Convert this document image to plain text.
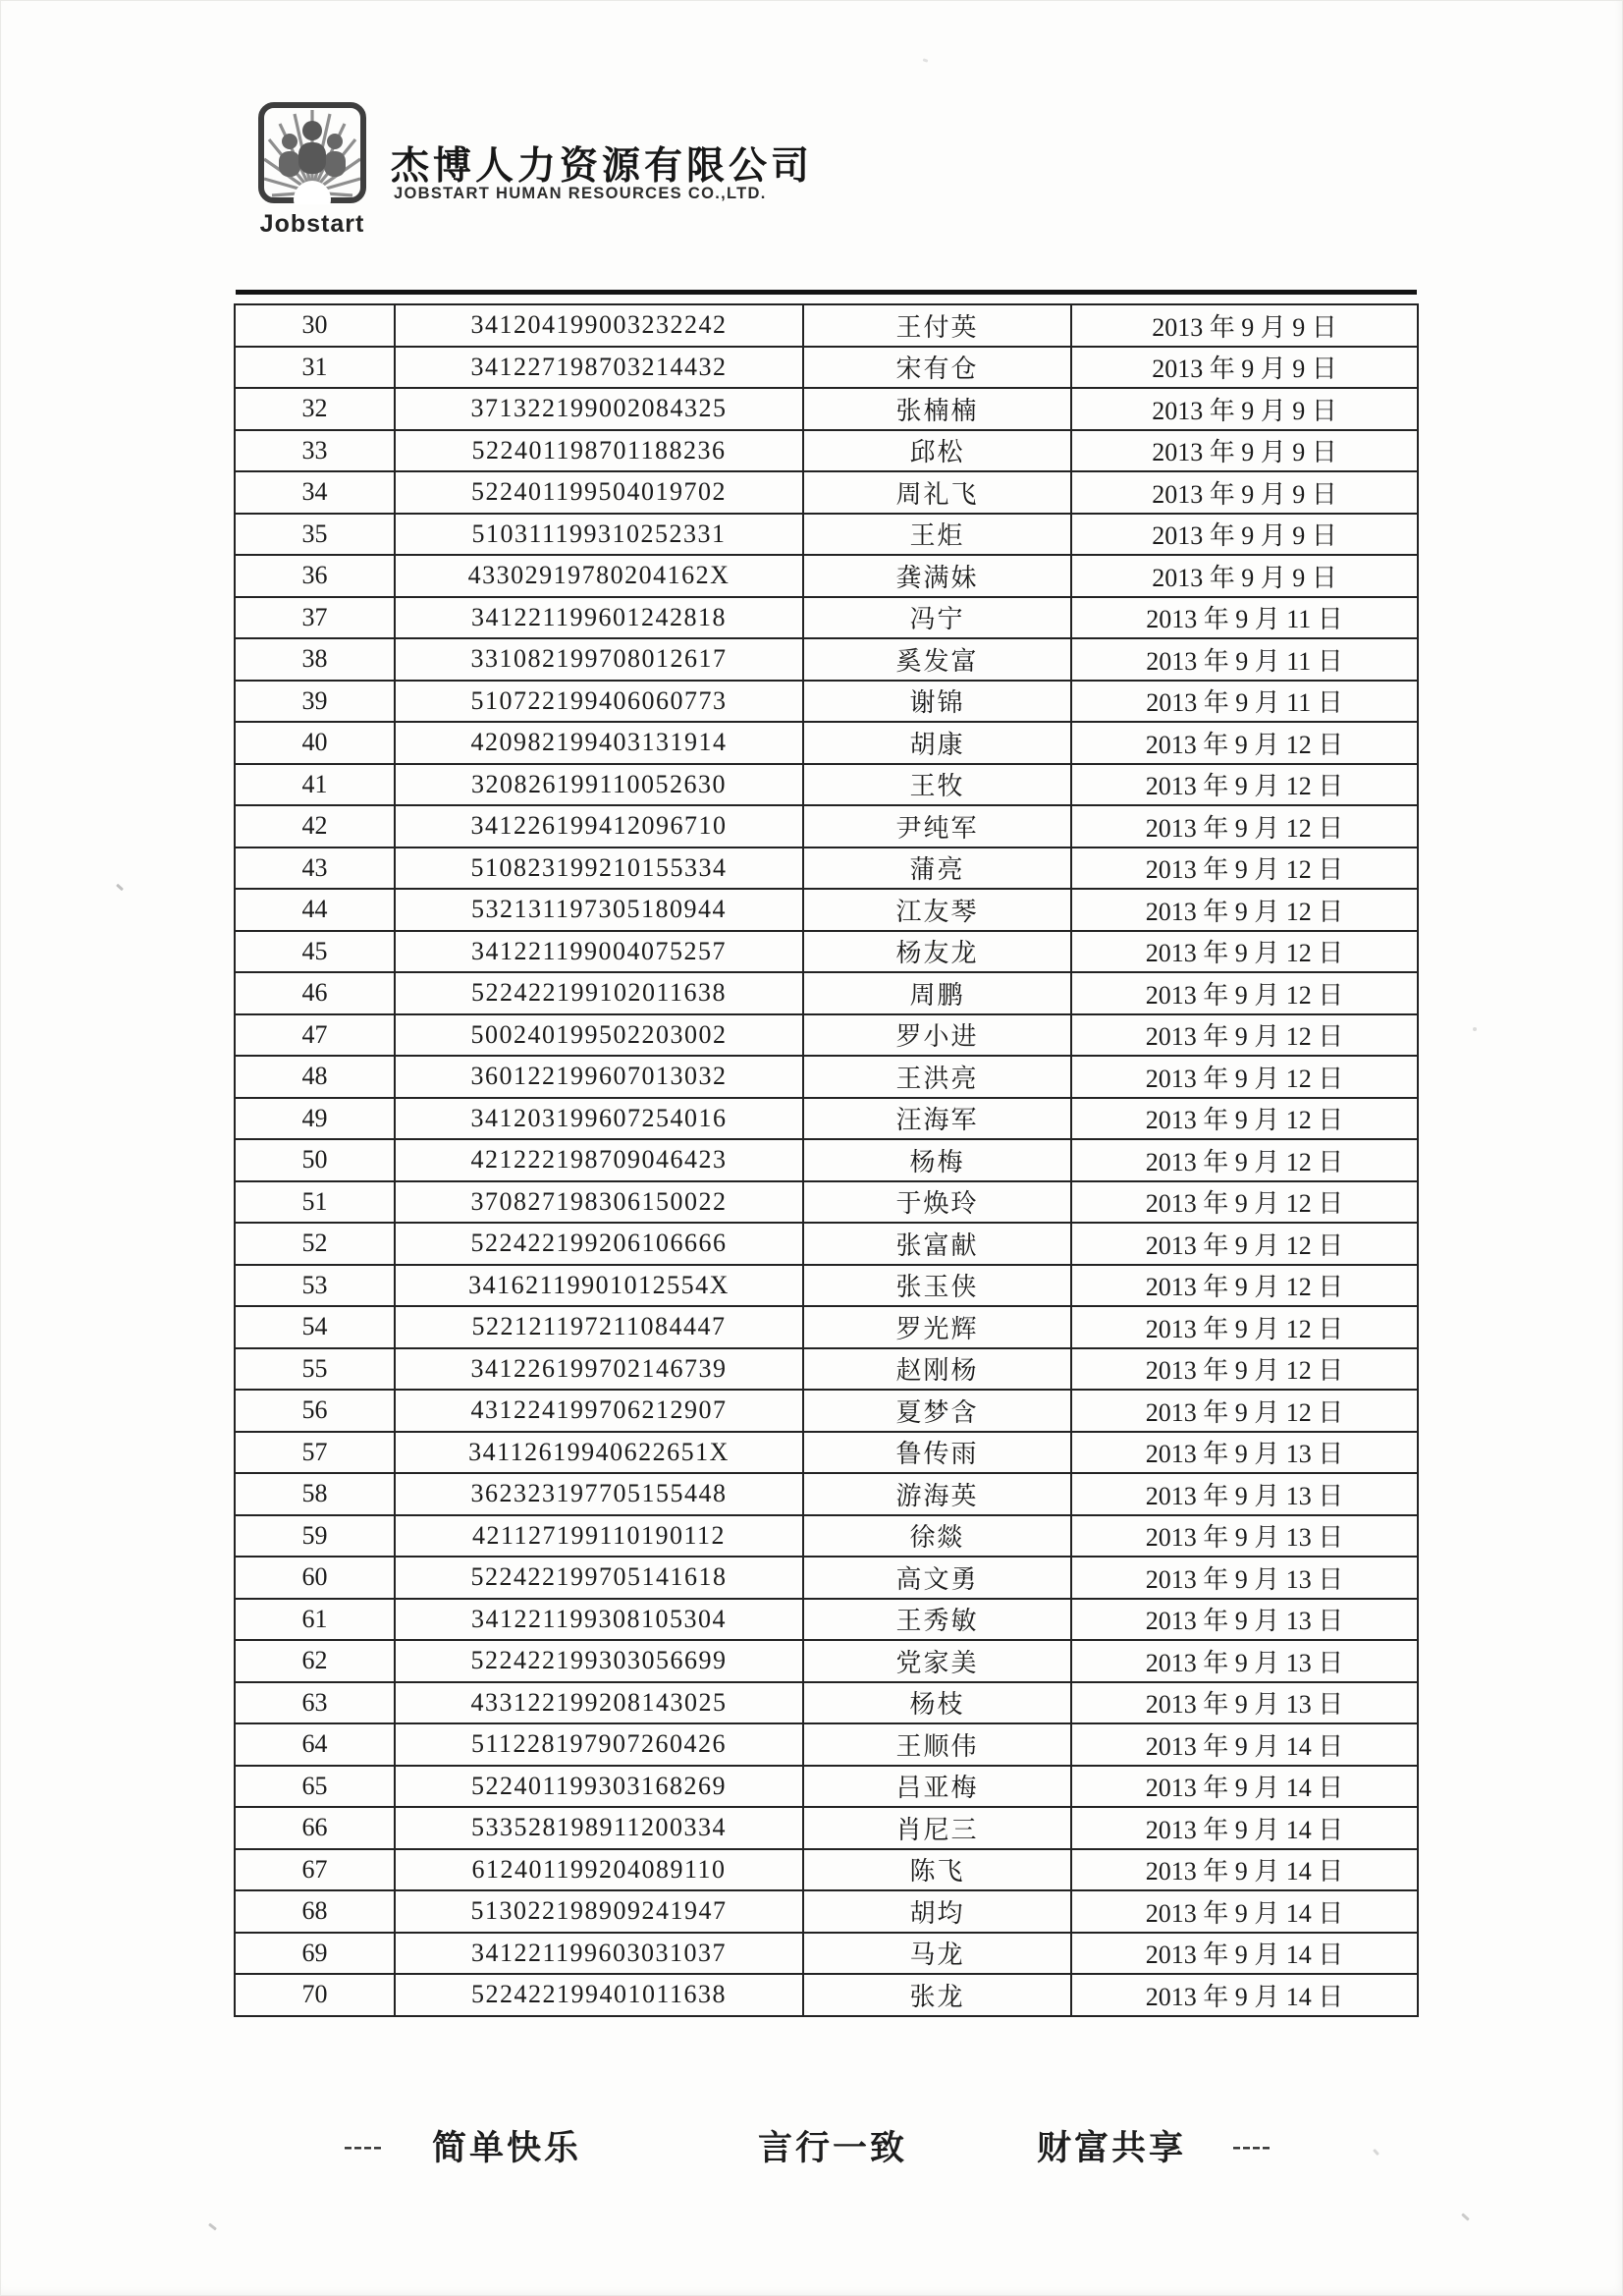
Jobstart
杰博人力资源有限公司
JOBSTART HUMAN RESOURCES CO.,LTD.
30	341204199003232242	王付英	2013 年 9 月 9 日
31	341227198703214432	宋有仓	2013 年 9 月 9 日
32	371322199002084325	张楠楠	2013 年 9 月 9 日
33	522401198701188236	邱松	2013 年 9 月 9 日
34	522401199504019702	周礼飞	2013 年 9 月 9 日
35	510311199310252331	王炬	2013 年 9 月 9 日
36	43302919780204162X	龚满妹	2013 年 9 月 9 日
37	341221199601242818	冯宁	2013 年 9 月 11 日
38	331082199708012617	奚发富	2013 年 9 月 11 日
39	510722199406060773	谢锦	2013 年 9 月 11 日
40	420982199403131914	胡康	2013 年 9 月 12 日
41	320826199110052630	王牧	2013 年 9 月 12 日
42	341226199412096710	尹纯军	2013 年 9 月 12 日
43	510823199210155334	蒲亮	2013 年 9 月 12 日
44	532131197305180944	江友琴	2013 年 9 月 12 日
45	341221199004075257	杨友龙	2013 年 9 月 12 日
46	522422199102011638	周鹏	2013 年 9 月 12 日
47	500240199502203002	罗小进	2013 年 9 月 12 日
48	360122199607013032	王洪亮	2013 年 9 月 12 日
49	341203199607254016	汪海军	2013 年 9 月 12 日
50	421222198709046423	杨梅	2013 年 9 月 12 日
51	370827198306150022	于焕玲	2013 年 9 月 12 日
52	522422199206106666	张富献	2013 年 9 月 12 日
53	34162119901012554X	张玉侠	2013 年 9 月 12 日
54	522121197211084447	罗光辉	2013 年 9 月 12 日
55	341226199702146739	赵刚杨	2013 年 9 月 12 日
56	431224199706212907	夏梦含	2013 年 9 月 12 日
57	34112619940622651X	鲁传雨	2013 年 9 月 13 日
58	362323197705155448	游海英	2013 年 9 月 13 日
59	421127199110190112	徐燚	2013 年 9 月 13 日
60	522422199705141618	高文勇	2013 年 9 月 13 日
61	341221199308105304	王秀敏	2013 年 9 月 13 日
62	522422199303056699	党家美	2013 年 9 月 13 日
63	433122199208143025	杨枝	2013 年 9 月 13 日
64	511228197907260426	王顺伟	2013 年 9 月 14 日
65	522401199303168269	吕亚梅	2013 年 9 月 14 日
66	533528198911200334	肖尼三	2013 年 9 月 14 日
67	612401199204089110	陈飞	2013 年 9 月 14 日
68	513022198909241947	胡均	2013 年 9 月 14 日
69	341221199603031037	马龙	2013 年 9 月 14 日
70	522422199401011638	张龙	2013 年 9 月 14 日
---- 简单快乐	言行一致	财富共享 ----
